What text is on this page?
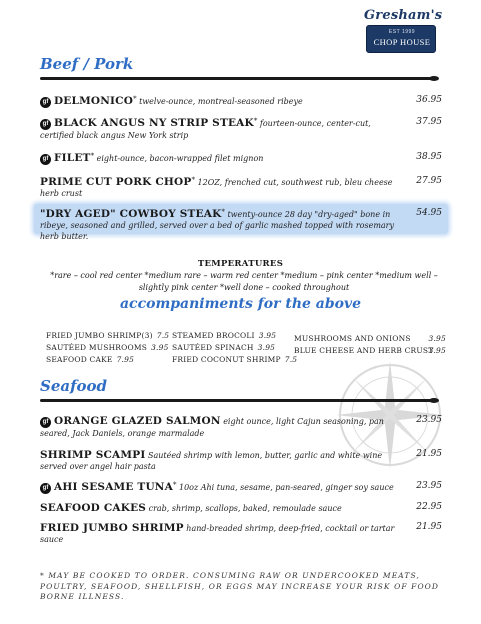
Gresham's
EST 1999
CHOP HOUSE
Beef / Pork
gf DELMONICO* twelve-ounce, montreal-seasoned ribeye	36.95
gf BLACK ANGUS NY STRIP STEAK* fourteen-ounce, center-cut, certified black angus New York strip
37.95
gf FILET* eight-ounce, bacon-wrapped filet mignon	38.95
PRIME CUT PORK CHOP* 12OZ, frenched cut, southwest rub, bleu cheese herb crust
27.95
"DRY AGED" COWBOY STEAK* twenty-ounce 28 day "dry-aged" bone in ribeye, seasoned and grilled, served over a bed of garlic mashed topped with rosemary herb butter.
54.95
TEMPERATURES
*rare – cool red center *medium rare – warm red center *medium – pink center *medium well – slightly pink center *well done – cooked throughout
accompaniments for the above
FRIED JUMBO SHRIMP(3) 7.5
SAUTÉED MUSHROOMS 3.95
SEAFOOD CAKE 7.95
STEAMED BROCOLI 3.95
SAUTÉED SPINACH 3.95
FRIED COCONUT SHRIMP 7.5
MUSHROOMS AND ONIONS 3.95
BLUE CHEESE AND HERB CRUST
3.95
Seafood
gf ORANGE GLAZED SALMON eight ounce, light Cajun seasoning, pan seared, Jack Daniels, orange marmalade
23.95
SHRIMP SCAMPI Sautéed shrimp with lemon, butter, garlic and white wine served over angel hair pasta
21.95
gf AHI SESAME TUNA* 10oz Ahi tuna, sesame, pan-seared, ginger soy sauce	23.95
SEAFOOD CAKES crab, shrimp, scallops, baked, remoulade sauce	22.95
FRIED JUMBO SHRIMP hand-breaded shrimp, deep-fried, cocktail or tartar sauce
21.95
* MAY BE COOKED TO ORDER. CONSUMING RAW OR UNDERCOOKED MEATS, POULTRY, SEAFOOD, SHELLFISH, OR EGGS MAY INCREASE YOUR RISK OF FOOD BORNE ILLNESS.
